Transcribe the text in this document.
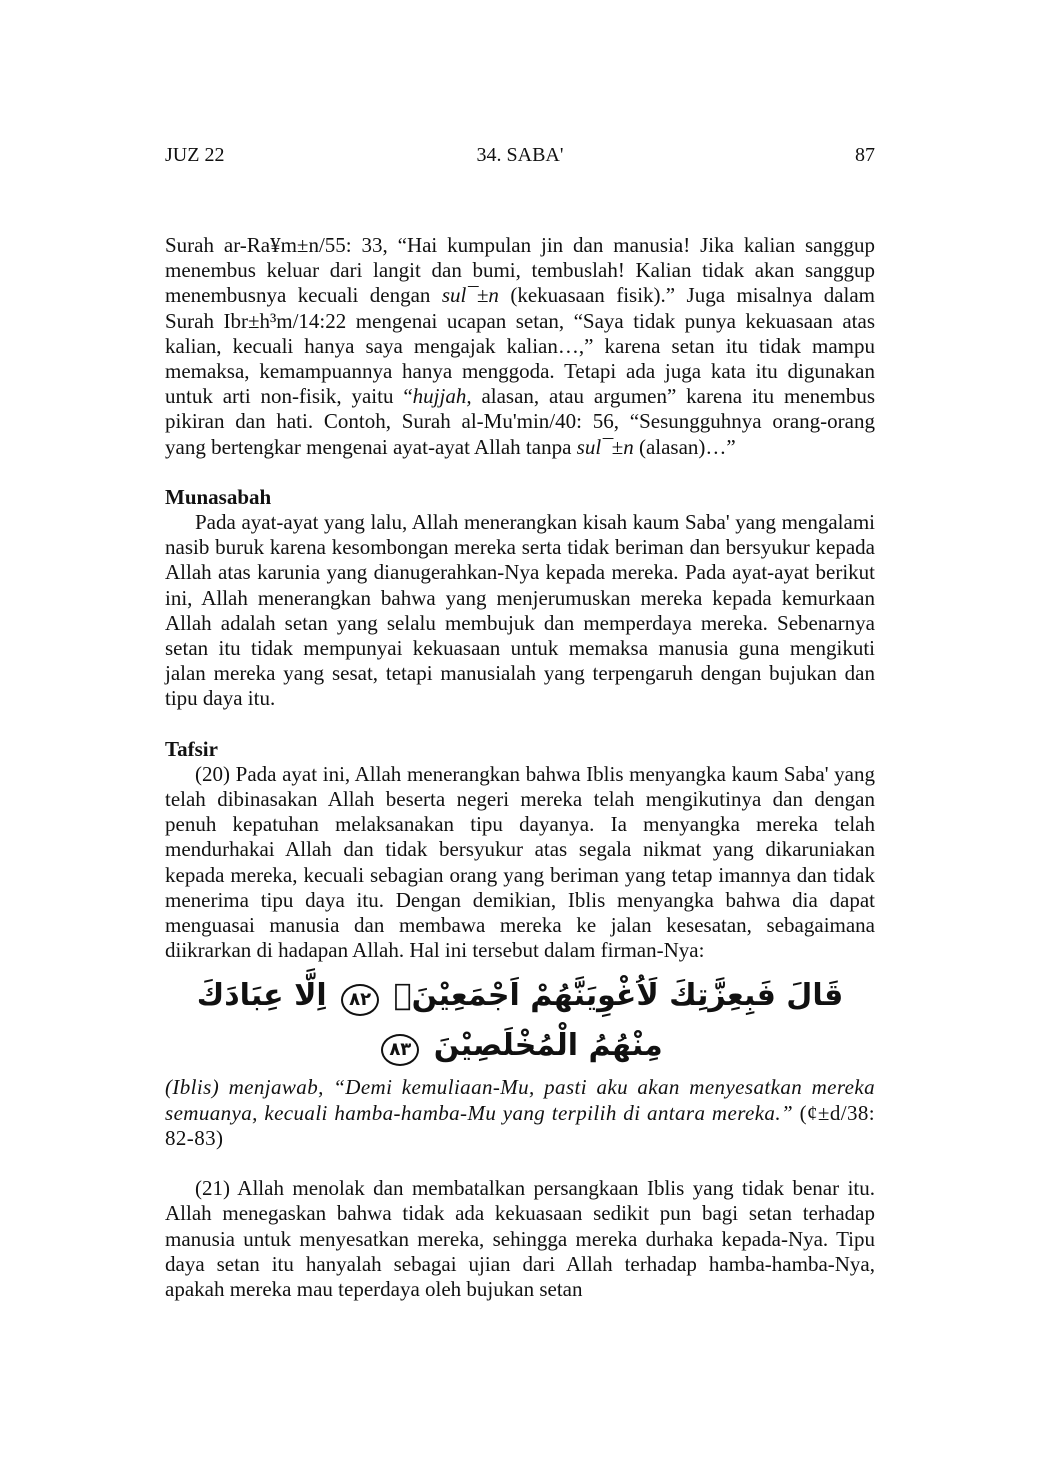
JUZ 22	34. SABA'	87

Surah ar-Ra¥m±n/55: 33, “Hai kumpulan jin dan manusia! Jika kalian sanggup menembus keluar dari langit dan bumi, tembuslah! Kalian tidak akan sanggup menembusnya kecuali dengan sul¯±n (kekuasaan fisik).” Juga misalnya dalam Surah Ibr±h³m/14:22 mengenai ucapan setan, “Saya tidak punya kekuasaan atas kalian, kecuali hanya saya mengajak kalian…,” karena setan itu tidak mampu memaksa, kemampuannya hanya menggoda. Tetapi ada juga kata itu digunakan untuk arti non-fisik, yaitu “hujjah, alasan, atau argumen” karena itu menembus pikiran dan hati. Contoh, Surah al-Mu'min/40: 56, “Sesungguhnya orang-orang yang bertengkar mengenai ayat-ayat Allah tanpa sul¯±n (alasan)…”

Munasabah

Pada ayat-ayat yang lalu, Allah menerangkan kisah kaum Saba' yang mengalami nasib buruk karena kesombongan mereka serta tidak beriman dan bersyukur kepada Allah atas karunia yang dianugerahkan-Nya kepada mereka. Pada ayat-ayat berikut ini, Allah menerangkan bahwa yang menjerumuskan mereka kepada kemurkaan Allah adalah setan yang selalu membujuk dan memperdaya mereka. Sebenarnya setan itu tidak mempunyai kekuasaan untuk memaksa manusia guna mengikuti jalan mereka yang sesat, tetapi manusialah yang terpengaruh dengan bujukan dan tipu daya itu.

Tafsir

(20) Pada ayat ini, Allah menerangkan bahwa Iblis menyangka kaum Saba' yang telah dibinasakan Allah beserta negeri mereka telah mengikutinya dan dengan penuh kepatuhan melaksanakan tipu dayanya. Ia menyangka mereka telah mendurhakai Allah dan tidak bersyukur atas segala nikmat yang dikaruniakan kepada mereka, kecuali sebagian orang yang beriman yang tetap imannya dan tidak menerima tipu daya itu. Dengan demikian, Iblis menyangka bahwa dia dapat menguasai manusia dan membawa mereka ke jalan kesesatan, sebagaimana diikrarkan di hadapan Allah. Hal ini tersebut dalam firman-Nya:

قَالَ فَبِعِزَّتِكَ لَاُغْوِيَنَّهُمْ اَجْمَعِيْنَۙ ٨٢ اِلَّا عِبَادَكَ مِنْهُمُ الْمُخْلَصِيْنَ ٨٣

(Iblis) menjawab, “Demi kemuliaan-Mu, pasti aku akan menyesatkan mereka semuanya, kecuali hamba-hamba-Mu yang terpilih di antara mereka.” (¢±d/38: 82-83)

(21) Allah menolak dan membatalkan persangkaan Iblis yang tidak benar itu. Allah menegaskan bahwa tidak ada kekuasaan sedikit pun bagi setan terhadap manusia untuk menyesatkan mereka, sehingga mereka durhaka kepada-Nya. Tipu daya setan itu hanyalah sebagai ujian dari Allah terhadap hamba-hamba-Nya, apakah mereka mau teperdaya oleh bujukan setan
